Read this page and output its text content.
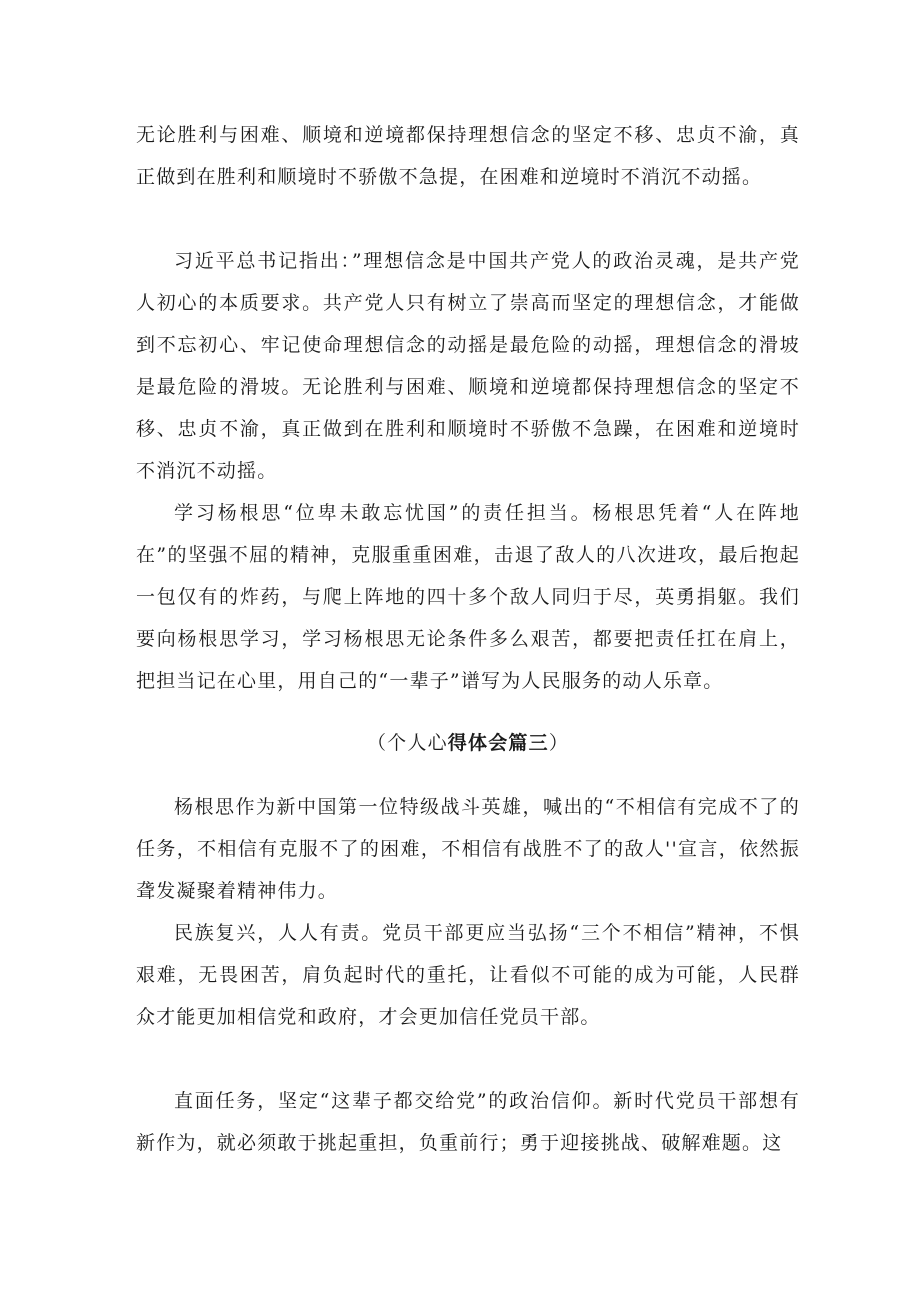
无论胜利与困难、顺境和逆境都保持理想信念的坚定不移、忠贞不渝，真正做到在胜利和顺境时不骄傲不急提，在困难和逆境时不消沉不动摇。

习近平总书记指出：”理想信念是中国共产党人的政治灵魂，是共产党人初心的本质要求。共产党人只有树立了崇高而坚定的理想信念，才能做到不忘初心、牢记使命理想信念的动摇是最危险的动摇，理想信念的滑坡是最危险的滑坡。无论胜利与困难、顺境和逆境都保持理想信念的坚定不移、忠贞不渝，真正做到在胜利和顺境时不骄傲不急躁，在困难和逆境时不消沉不动摇。

学习杨根思“位卑未敢忘忧国”的责任担当。杨根思凭着“人在阵地在”的坚强不屈的精神，克服重重困难，击退了敌人的八次进攻，最后抱起一包仅有的炸药，与爬上阵地的四十多个敌人同归于尽，英勇捐躯。我们要向杨根思学习，学习杨根思无论条件多么艰苦，都要把责任扛在肩上，把担当记在心里，用自己的“一辈子”谱写为人民服务的动人乐章。

（个人心得体会篇三）

杨根思作为新中国第一位特级战斗英雄，喊出的“不相信有完成不了的任务，不相信有克服不了的困难，不相信有战胜不了的敌人''宣言，依然振聋发凝聚着精神伟力。

民族复兴，人人有责。党员干部更应当弘扬“三个不相信”精神，不惧艰难，无畏困苦，肩负起时代的重托，让看似不可能的成为可能，人民群众才能更加相信党和政府，才会更加信任党员干部。

直面任务，坚定“这辈子都交给党”的政治信仰。新时代党员干部想有新作为，就必须敢于挑起重担，负重前行；勇于迎接挑战、破解难题。这
